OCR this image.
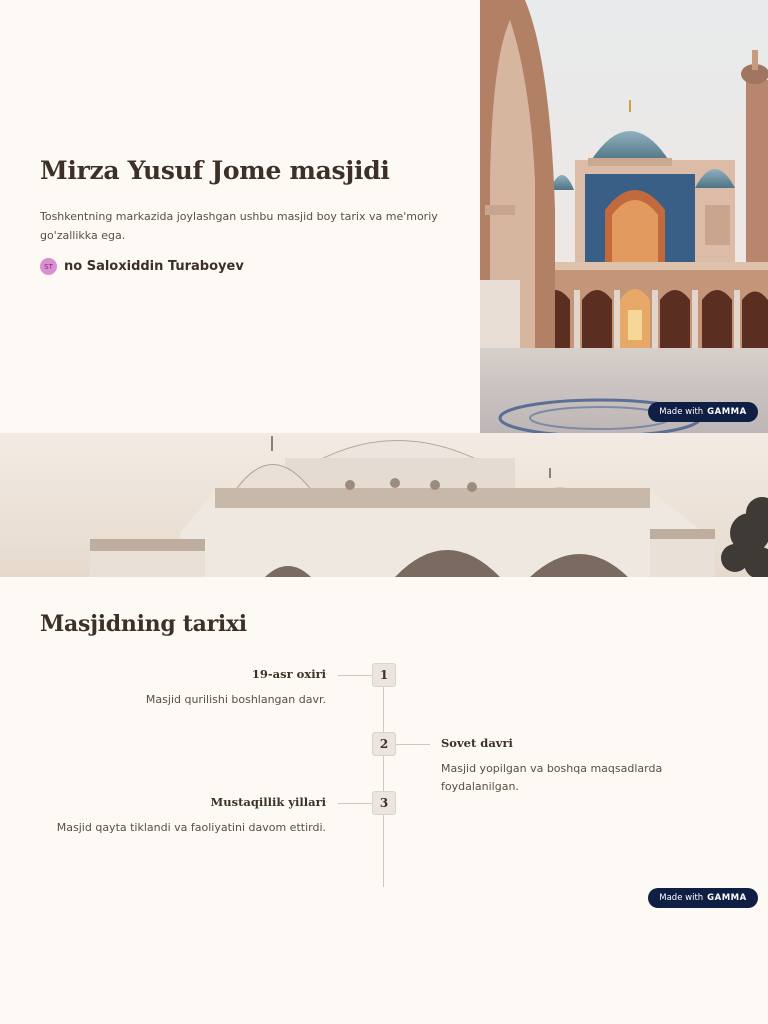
Mirza Yusuf Jome masjidi

Toshkentning markazida joylashgan ushbu masjid boy tarix va me'moriy go'zallikka ega.

ST no Saloxiddin Turaboyev
Made with GAMMA
Masjidning tarixi
1

19-asr oxiri

Masjid qurilishi boshlangan davr.

2	Sovet davri

Masjid yopilgan va boshqa maqsadlarda foydalanilgan.

3

Mustaqillik yillari

Masjid qayta tiklandi va faoliyatini davom ettirdi.

Made with GAMMA
